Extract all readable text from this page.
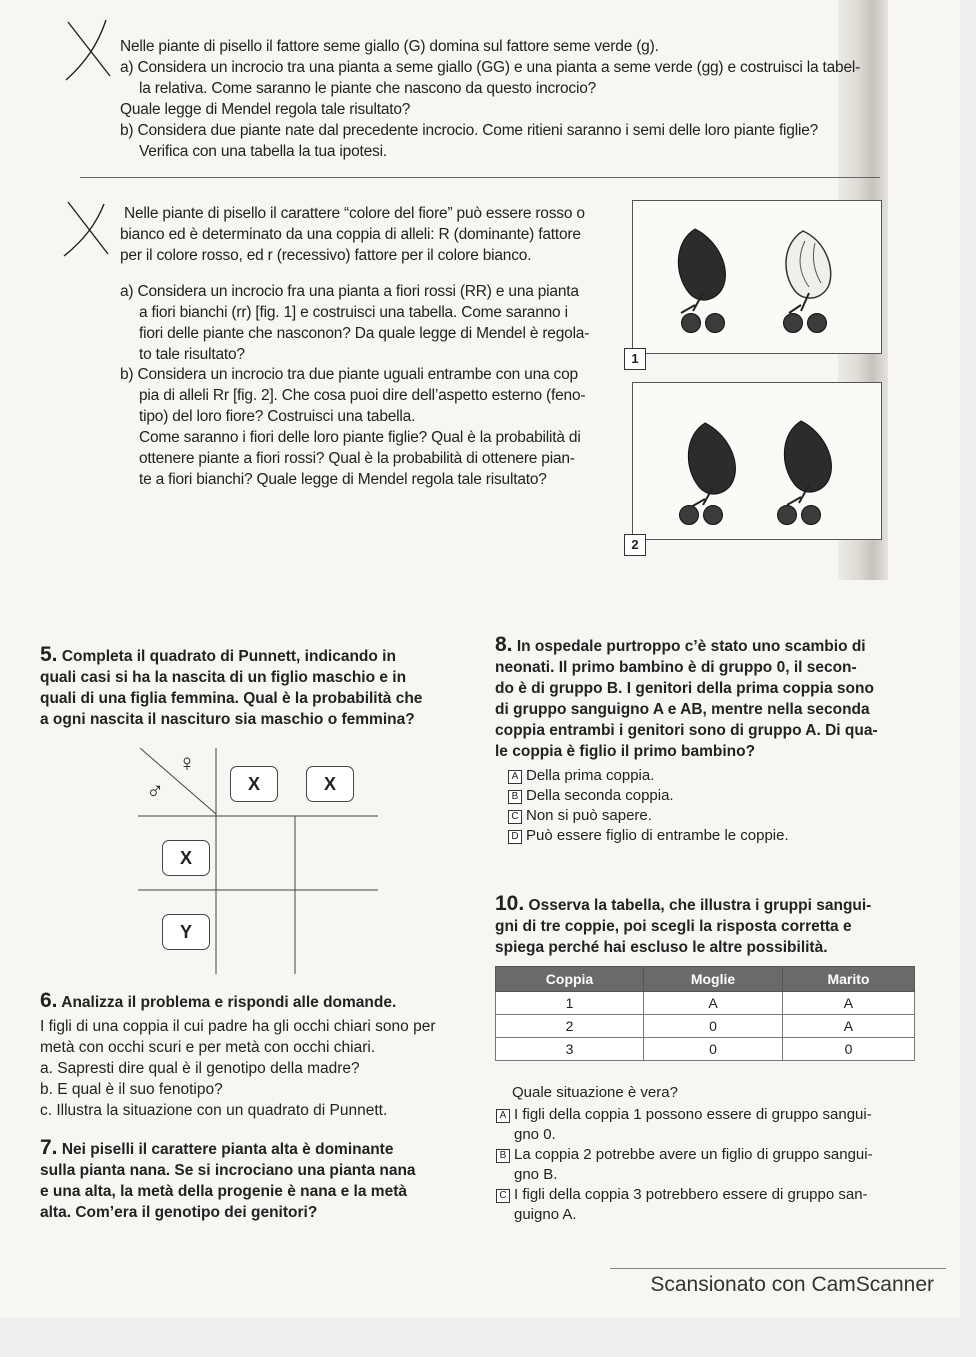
Nelle piante di pisello il fattore seme giallo (G) domina sul fattore seme verde (g).
a) Considera un incrocio tra una pianta a seme giallo (GG) e una pianta a seme verde (gg) e costruisci la tabel-
la relativa. Come saranno le piante che nascono da questo incrocio?
Quale legge di Mendel regola tale risultato?
b) Considera due piante nate dal precedente incrocio. Come ritieni saranno i semi delle loro piante figlie?
Verifica con una tabella la tua ipotesi.
Nelle piante di pisello il carattere “colore del fiore” può essere rosso o
bianco ed è determinato da una coppia di alleli: R (dominante) fattore
per il colore rosso, ed r (recessivo) fattore per il colore bianco.
a) Considera un incrocio fra una pianta a fiori rossi (RR) e una pianta
a fiori bianchi (rr) [fig. 1] e costruisci una tabella. Come saranno i
fiori delle piante che nasconon? Da quale legge di Mendel è regola-
to tale risultato?
b) Considera un incrocio tra due piante uguali entrambe con una cop
pia di alleli Rr [fig. 2]. Che cosa puoi dire dell’aspetto esterno (feno-
tipo) del loro fiore? Costruisci una tabella.
Come saranno i fiori delle loro piante figlie? Qual è la probabilità di
ottenere piante a fiori rossi? Qual è la probabilità di ottenere pian-
te a fiori bianchi? Quale legge di Mendel regola tale risultato?
1
2
5. Completa il quadrato di Punnett, indicando in
quali casi si ha la nascita di un figlio maschio e in
quali di una figlia femmina. Qual è la probabilità che
a ogni nascita il nascituro sia maschio o femmina?
♀
♂	X	X
X
Y
6. Analizza il problema e rispondi alle domande.
I figli di una coppia il cui padre ha gli occhi chiari sono per
metà con occhi scuri e per metà con occhi chiari.
a. Sapresti dire qual è il genotipo della madre?
b. E qual è il suo fenotipo?
c. Illustra la situazione con un quadrato di Punnett.
7. Nei piselli il carattere pianta alta è dominante
sulla pianta nana. Se si incrociano una pianta nana
e una alta, la metà della progenie è nana e la metà
alta. Com’era il genotipo dei genitori?
8. In ospedale purtroppo c’è stato uno scambio di
neonati. Il primo bambino è di gruppo 0, il secon-
do è di gruppo B. I genitori della prima coppia sono
di gruppo sanguigno A e AB, mentre nella seconda
coppia entrambi i genitori sono di gruppo A. Di qua-
le coppia è figlio il primo bambino?
A Della prima coppia.
B Della seconda coppia.
C Non si può sapere.
D Può essere figlio di entrambe le coppie.
10. Osserva la tabella, che illustra i gruppi sangui-
gni di tre coppie, poi scegli la risposta corretta e
spiega perché hai escluso le altre possibilità.
Coppia	Moglie	Marito
1	A	A
2	0	A
3	0	0
Quale situazione è vera?
A I figli della coppia 1 possono essere di gruppo sangui-
gno 0.
B La coppia 2 potrebbe avere un figlio di gruppo sangui-
gno B.
C I figli della coppia 3 potrebbero essere di gruppo san-
guigno A.
Scansionato con CamScanner
